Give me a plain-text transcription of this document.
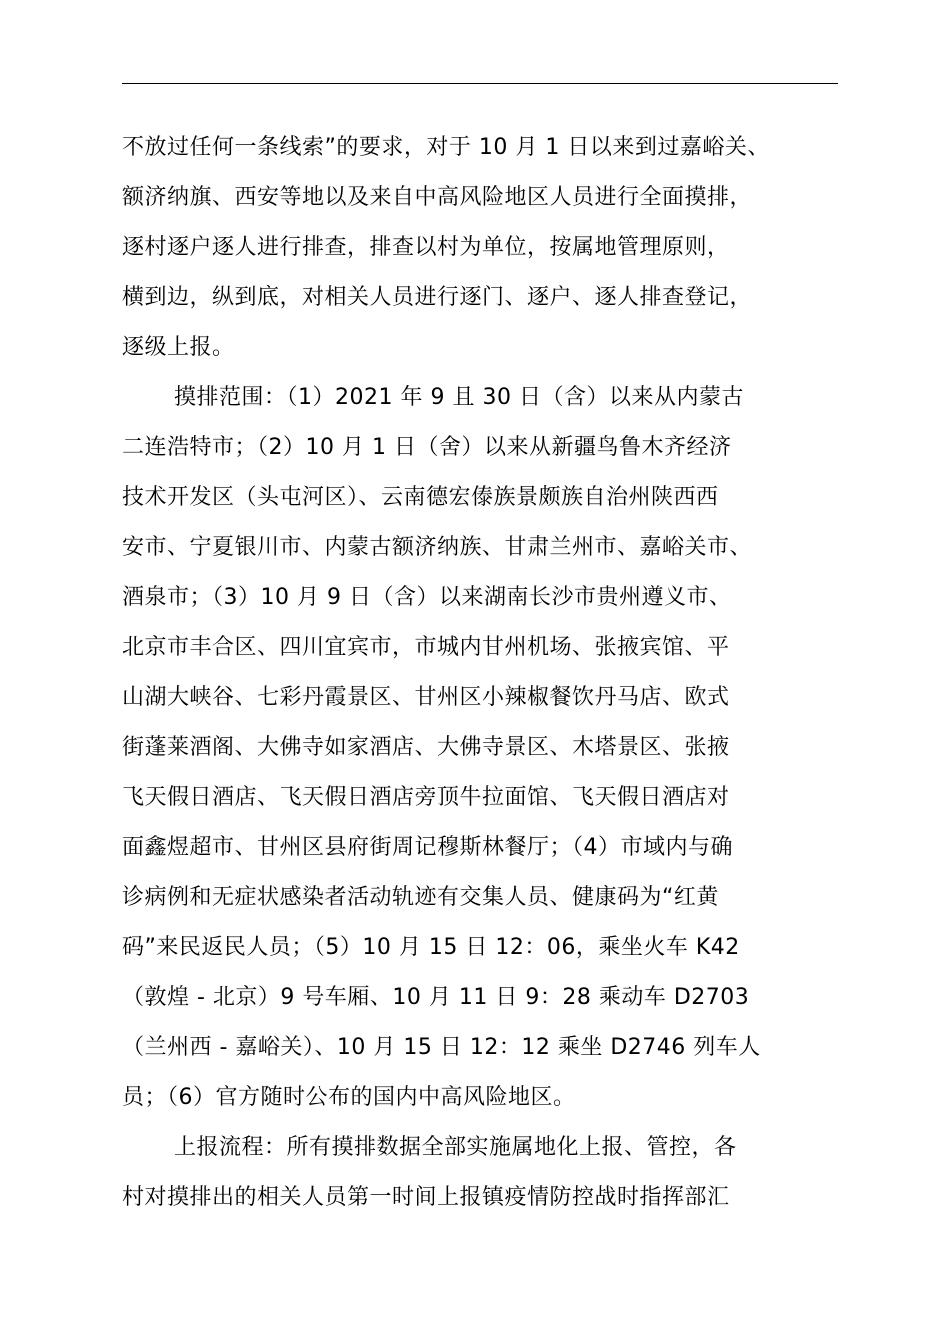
不放过任何一条线索”的要求，对于 10 月 1 日以来到过嘉峪关、
额济纳旗、西安等地以及来自中高风险地区人员进行全面摸排，
逐村逐户逐人进行排查，排查以村为单位，按属地管理原则，
横到边，纵到底，对相关人员进行逐门、逐户、逐人排查登记，
逐级上报。
摸排范围：（1）2021 年 9 且 30 日（含）以来从内蒙古
二连浩特市；（2）10 月 1 日（舍）以来从新疆鸟鲁木齐经济
技术开发区（头屯河区）、云南德宏傣族景颇族自治州陕西西
安市、宁夏银川市、内蒙古额济纳族、甘肃兰州市、嘉峪关市、
酒泉市；（3）10 月 9 日（含）以来湖南长沙市贵州遵义市、
北京市丰合区、四川宜宾市，市城内甘州机场、张掖宾馆、平
山湖大峡谷、七彩丹霞景区、甘州区小辣椒餐饮丹马店、欧式
街蓬莱酒阁、大佛寺如家酒店、大佛寺景区、木塔景区、张掖
飞天假日酒店、飞天假日酒店旁顶牛拉面馆、飞天假日酒店对
面鑫煜超市、甘州区县府街周记穆斯林餐厅；（4）市域内与确
诊病例和无症状感染者活动轨迹有交集人员、健康码为“红黄
码”来民返民人员；（5）10 月 15 日 12：06，乘坐火车 K42
（敦煌 - 北京）9 号车厢、10 月 11 日 9：28 乘动车 D2703
（兰州西 - 嘉峪关）、10 月 15 日 12：12 乘坐 D2746 列车人
员；（6）官方随时公布的国内中高风险地区。
上报流程：所有摸排数据全部实施属地化上报、管控，各
村对摸排出的相关人员第一时间上报镇疫情防控战时指挥部汇
